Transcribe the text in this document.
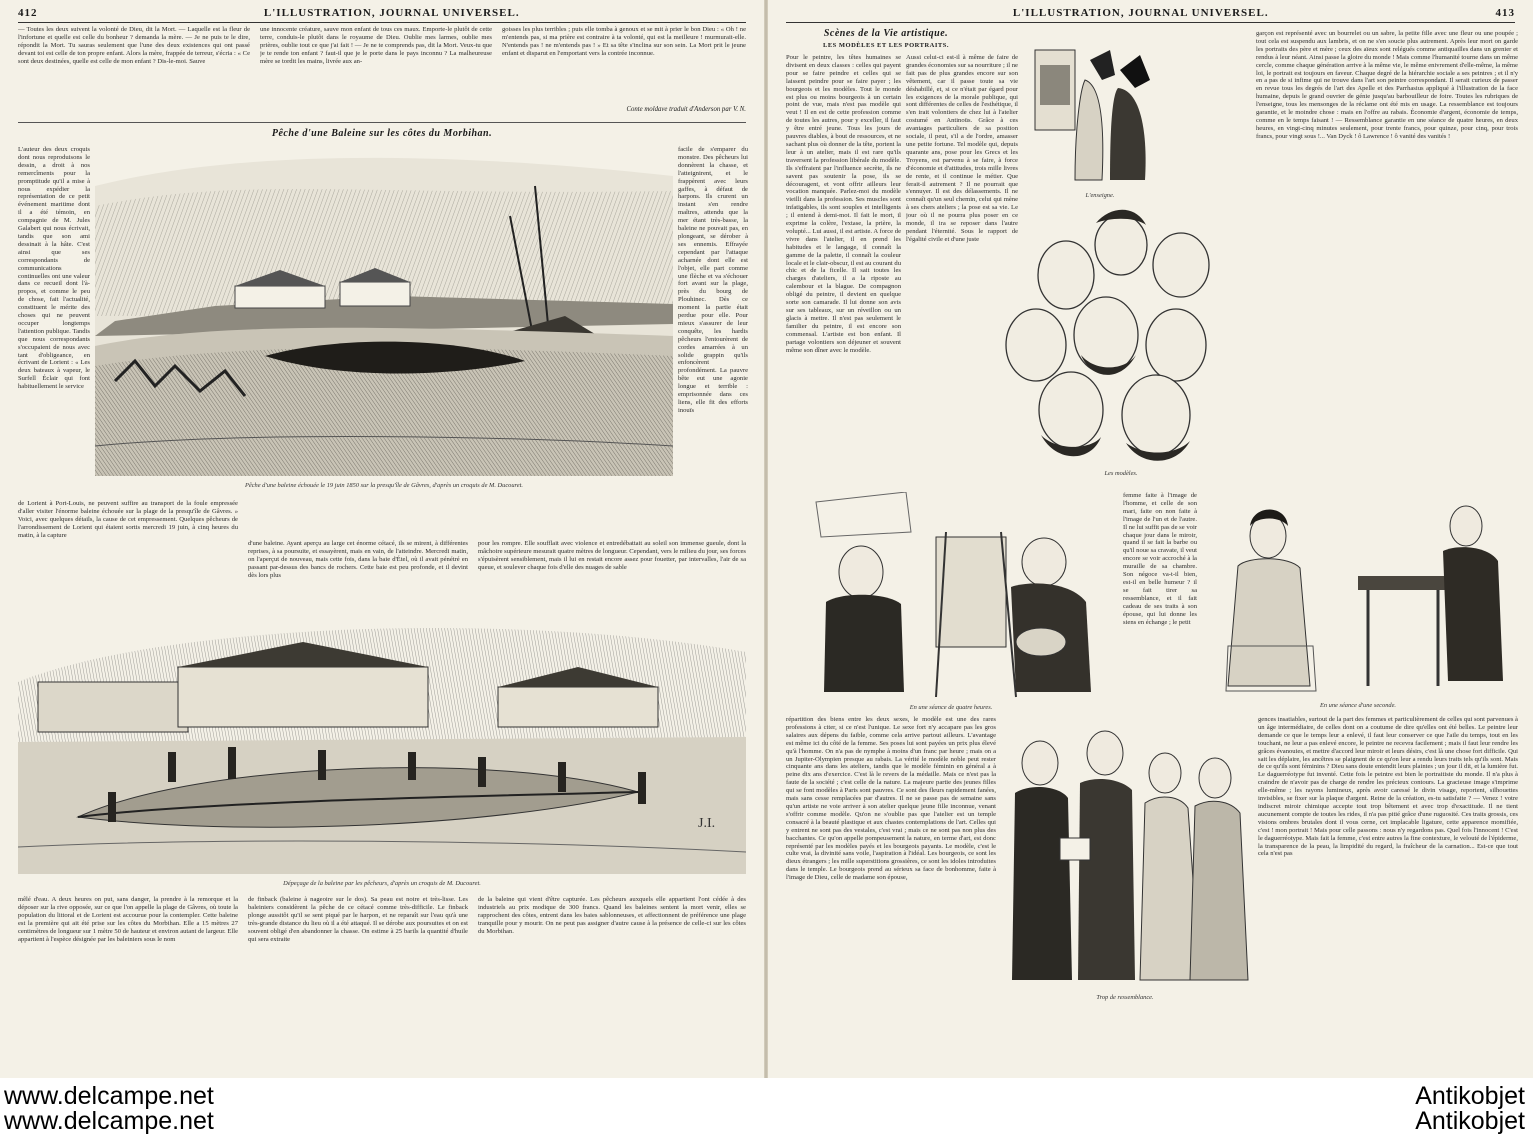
412	L'ILLUSTRATION, JOURNAL UNIVERSEL.
— Toutes les deux suivent la volonté de Dieu, dit la Mort. — Laquelle est la fleur de l'infortune et quelle est celle du bonheur ? demanda la mère. — Je ne puis te le dire, répondit la Mort. Tu sauras seulement que l'une des deux existences qui ont passé devant toi est celle de ton propre enfant. Alors la mère, frappée de terreur, s'écria : « Ce sont deux destinées, quelle est celle de mon enfant ? Dis-le-moi. Sauve
une innocente créature, sauve mon enfant de tous ces maux. Emporte-le plutôt de cette terre, conduis-le plutôt dans le royaume de Dieu. Oublie mes larmes, oublie mes prières, oublie tout ce que j'ai fait ! — Je ne te comprends pas, dit la Mort. Veux-tu que je te rende ton enfant ? faut-il que je le porte dans le pays inconnu ? La malheureuse mère se tordit les mains, livrée aux an-
goisses les plus terribles ; puis elle tomba à genoux et se mit à prier le bon Dieu : « Oh ! ne m'entends pas, si ma prière est contraire à ta volonté, qui est la meilleure ! murmurait-elle. N'entends pas ! ne m'entends pas ! » Et sa tête s'inclina sur son sein. La Mort prit le jeune enfant et disparut en l'emportant vers la contrée inconnue.
Conte moldave traduit d'Anderson par V. N.
Pêche d'une Baleine sur les côtes du Morbihan.
L'auteur des deux croquis dont nous reproduisons le dessin, a droit à nos remercîments pour la promptitude qu'il a mise à nous expédier la représentation de ce petit événement maritime dont il a été témoin, en compagnie de M. Jules Galabert qui nous écrivait, tandis que son ami dessinait à la hâte. C'est ainsi que ses correspondants de communications continuelles ont une valeur dans ce recueil dont l'à-propos, et comme le peu de chose, fait l'actualité, constituent le mérite des choses qui ne peuvent occuper longtemps l'attention publique. Tandis que nous correspondants s'occupaient de nous avec tant d'obligeance, en écrivant de Lorient : « Les deux bateaux à vapeur, le Surfell Éclair qui font habituellement le service
facile de s'emparer du monstre. Des pêcheurs lui donnèrent la chasse, et l'atteignirent, et le frappèrent avec leurs gaffes, à défaut de harpons. Ils crurent un instant s'en rendre maîtres, attendu que la mer étant très-basse, la baleine ne pouvait pas, en plongeant, se dérober à ses ennemis. Effrayée cependant par l'attaque acharnée dont elle est l'objet, elle part comme une flèche et va s'échouer fort avant sur la plage, près du bourg de Plouhinec. Dès ce moment la partie était perdue pour elle. Pour mieux s'assurer de leur conquête, les hardis pêcheurs l'entourèrent de cordes amarrées à un solide grappin qu'ils enfoncèrent profondément. La pauvre bête eut une agonie longue et terrible : emprisonnée dans ces liens, elle fit des efforts inouïs
Pêche d'une baleine échouée le 19 juin 1850 sur la presqu'île de Gâvres, d'après un croquis de M. Ducouret.
de Lorient à Port-Louis, ne peuvent suffire au transport de la foule empressée d'aller visiter l'énorme baleine échouée sur la plage de la presqu'île de Gâvres. » Voici, avec quelques détails, la cause de cet empressement. Quelques pêcheurs de l'arrondissement de Lorient qui étaient sortis mercredi 19 juin, à cinq heures du matin, à la capture
d'une baleine. Ayant aperçu au large cet énorme cétacé, ils se mirent, à différentes reprises, à sa poursuite, et essayèrent, mais en vain, de l'atteindre. Mercredi matin, on l'aperçut de nouveau, mais cette fois, dans la baie d'Étel, où il avait pénétré en passant par-dessus des bancs de rochers. Cette baie est peu profonde, et il devint dès lors plus
pour les rompre. Elle soufflait avec violence et entredébattait au soleil son immense gueule, dont la mâchoire supérieure mesurait quatre mètres de longueur. Cependant, vers le milieu du jour, ses forces s'épuisèrent sensiblement, mais il lui en restait encore assez pour fouetter, par intervalles, l'air de sa queue, et soulever chaque fois d'elle des nuages de sable
J.I.
Dépeçage de la baleine par les pêcheurs, d'après un croquis de M. Ducouret.
mêlé d'eau. A deux heures on put, sans danger, la prendre à la remorque et la déposer sur la rive opposée, sur ce que l'on appelle la plage de Gâvres, où toute la population du littoral et de Lorient est accourue pour la contempler. Cette baleine est la première qui ait été prise sur les côtes du Morbihan. Elle a 15 mètres 27 centimètres de longueur sur 1 mètre 50 de hauteur et environ autant de largeur. Elle appartient à l'espèce désignée par les baleiniers sous le nom
de finback (baleine à nageoire sur le dos). Sa peau est noire et très-lisse. Les baleiniers considèrent la pêche de ce cétacé comme très-difficile. Le finback plonge aussitôt qu'il se sent piqué par le harpon, et ne reparaît sur l'eau qu'à une très-grande distance du lieu où il a été attaqué. Il se dérobe aux poursuites et on est souvent obligé d'en abandonner la chasse. On estime à 25 barils la quantité d'huile qui sera extraite
de la baleine qui vient d'être capturée. Les pêcheurs auxquels elle appartient l'ont cédée à des industriels au prix modique de 300 francs. Quand les baleines sentent la mort venir, elles se rapprochent des côtes, entrent dans les baies sablonneuses, et affectionnent de préférence une plage tranquille pour y mourir. On ne peut pas assigner d'autre cause à la présence de celle-ci sur les côtes du Morbihan.
L'ILLUSTRATION, JOURNAL UNIVERSEL.	413
Scènes de la Vie artistique.
LES MODÈLES ET LES PORTRAITS.
Pour le peintre, les têtes humaines se divisent en deux classes : celles qui payent pour se faire peindre et celles qui se laissent peindre pour se faire payer ; les bourgeois et les modèles. Tout le monde est plus ou moins bourgeois à un certain point de vue, mais n'est pas modèle qui veut ! Il en est de cette profession comme de toutes les autres, pour y exceller, il faut y être entré jeune. Tous les jours de pauvres diables, à bout de ressources, et ne sachant plus où donner de la tête, portent la leur à un atelier, mais il est rare qu'ils traversent la profession libérale du modèle. Ils s'effraient par l'influence secrète, ils ne savent pas soutenir la pose, ils se découragent, et vont offrir ailleurs leur vocation manquée. Parlez-moi du modèle vieilli dans la profession. Ses muscles sont infatigables, ils sont souples et intelligents ; il entend à demi-mot. Il fait le mort, il exprime la colère, l'extase, la prière, la volupté... Lui aussi, il est artiste. A force de vivre dans l'atelier, il en prend les habitudes et le langage, il connaît la gamme de la palette, il connaît la couleur locale et le clair-obscur, il est au courant du chic et de la ficelle. Il sait toutes les charges d'ateliers, il a la riposte au calembour et la blague. De compagnon obligé du peintre, il devient en quelque sorte son camarade. Il lui donne son avis sur ses tableaux, sur un réveillon ou un glacis à mettre. Il n'est pas seulement le familier du peintre, il est encore son commensal. L'artiste est bon enfant. Il partage volontiers son déjeuner et souvent même son dîner avec le modèle.
Aussi celui-ci est-il à même de faire de grandes économies sur sa nourriture ; il ne fait pas de plus grandes encore sur son vêtement, car il passe toute sa vie déshabillé, et, si ce n'était par égard pour les exigences de la morale publique, qui sont différentes de celles de l'esthétique, il s'en irait volontiers de chez lui à l'atelier costumé en Antinoüs. Grâce à ces avantages particuliers de sa position sociale, il peut, s'il a de l'ordre, amasser une petite fortune. Tel modèle qui, depuis quarante ans, pose pour les Grecs et les Troyens, est parvenu à se faire, à force d'économie et d'attitudes, trois mille livres de rente, et il continue le métier. Que ferait-il autrement ? Il ne pourrait que s'ennuyer. Il est des délassements. Il ne connaît qu'un seul chemin, celui qui mène à ses chers ateliers ; la pose est sa vie. Le jour où il ne pourra plus poser en ce monde, il ira se reposer dans l'autre pendant l'éternité. Sous le rapport de l'égalité civile et d'une juste
L'enseigne.
Les modèles.
garçon est représenté avec un bourrelet ou un sabre, la petite fille avec une fleur ou une poupée ; tout cela est suspendu aux lambris, et on ne s'en soucie plus autrement. Après leur mort on garde les portraits des père et mère ; ceux des aïeux sont relégués comme antiquailles dans un grenier et rendus à leur néant. Ainsi passe la gloire du monde ! Mais comme l'humanité tourne dans un même cercle, comme chaque génération arrive à la même vie, le même enivrement d'elle-même, la même loi, le portrait est toujours en faveur. Chaque degré de la hiérarchie sociale a ses peintres ; et il n'y en a pas de si infime qui ne trouve dans l'art son peintre correspondant. Il serait curieux de passer en revue tous les degrés de l'art des Apelle et des Parrhasius appliqué à l'illustration de la face humaine, depuis le grand ouvrier de génie jusqu'au barbouilleur de foire. Toutes les rubriques de l'enseigne, tous les mensonges de la réclame ont été mis en usage. La ressemblance est toujours garantie, et le moindre chose : mais en l'offre au rabais. Économie d'argent, économie de temps, comme en le temps faisant ! — Ressemblance garantie en une séance de quatre heures, en deux heures, en vingt-cinq minutes seulement, pour trente francs, pour quinze, pour cinq, pour trois francs, pour vingt sous !... Van Dyck ! ô Lawrence ! ô vanité des vanités !
En une séance de quatre heures.
femme faite à l'image de l'homme, et celle de son mari, faite on non faite à l'image de l'un et de l'autre. Il ne lui suffit pas de se voir chaque jour dans le miroir, quand il se fait la barbe ou qu'il noue sa cravate, il veut encore se voir accroché à la muraille de sa chambre. Son négoce va-t-il bien, est-il en belle humeur ? il se fait tirer sa ressemblance, et il fait cadeau de ses traits à son épouse, qui lui donne les siens en échange ; le petit
En une séance d'une seconde.
répartition des biens entre les deux sexes, le modèle est une des rares professions à citer, si ce n'est l'unique. Le sexe fort n'y accapare pas les gros salaires aux dépens du faible, comme cela arrive partout ailleurs. L'avantage est même ici du côté de la femme. Ses poses lui sont payées un prix plus élevé qu'à l'homme. On n'a pas de nymphe à moins d'un franc par heure ; mais on a un Jupiter-Olympien presque au rabais. La vérité le modèle noble peut rester cinquante ans dans les ateliers, tandis que le modèle féminin en général a à peine dix ans d'exercice. C'est là le revers de la médaille. Mais ce n'est pas la faute de la société ; c'est celle de la nature. La majeure partie des jeunes filles qui se font modèles à Paris sont pauvres. Ce sont des fleurs rapidement fanées, mais sans cesse remplacées par d'autres. Il ne se passe pas de semaine sans qu'un artiste ne voie arriver à son atelier quelque jeune fille inconnue, venant s'offrir comme modèle. Qu'on ne s'oublie pas que l'atelier est un temple consacré à la beauté plastique et aux chastes contemplations de l'art. Celles qui y entrent ne sont pas des vestales, c'est vrai ; mais ce ne sont pas non plus des bacchantes. Ce qu'on appelle pompeusement la nature, en terme d'art, est donc représenté par les modèles payés et les bourgeois payants. Le modèle, c'est le culte vrai, la divinité sans voile, l'aspiration à l'idéal. Les bourgeois, ce sont les dieux étrangers ; les mille superstitions grossières, ce sont les idoles introduites dans le temple. Le bourgeois prend au sérieux sa face de bonhomme, faite à l'image de Dieu, celle de madame son épouse,
Trop de ressemblance.
gences insatiables, surtout de la part des femmes et particulièrement de celles qui sont parvenues à un âge intermédiaire, de celles dont on a coutume de dire qu'elles ont été belles. Le peintre leur demande ce que le temps leur a enlevé, il faut leur conserver ce que l'aile du temps, tout en les touchant, ne leur a pas enlevé encore, le peintre ne recevra facilement ; mais il faut leur rendre les grâces évanouies, et mettre d'accord leur miroir et leurs désirs, c'est là une chose fort difficile. Qui sait les déplaire, les ancêtres se plaignent de ce qu'on leur a rendu leurs traits tels qu'ils sont. Mais de ce qu'ils sont féminins ? Dieu sans doute entendit leurs plaintes ; un jour il dit, et la lumière fut. Le daguerréotype fut inventé. Cette fois le peintre est bien le portraitiste du monde. Il n'a plus à craindre de n'avoir pas de charge de rendre les précieux contours. La gracieuse image s'imprime elle-même ; les rayons lumineux, après avoir caressé le divin visage, reportent, silhouettes invisibles, se fixer sur la plaque d'argent. Reine de la création, es-tu satisfaite ? — Venez ! votre indiscret miroir chimique accepte tout trop bêtement et avec trop d'exactitude. Il ne tient aucunement compte de toutes les rides, il n'a pas pitié grâce d'une ruguosité. Ces traits grossis, ces visions ombres brutales dont il vous cerne, cet implacable ligature, cette apparence momifiée, c'est ! mon portrait ! Mais pour celle passons : nous n'y regardons pas. Quel fois l'innocent ! C'est le daguerréotype. Mais fait la femme, c'est entre autres la fine contexture, le velouté de l'épiderme, la transparence de la peau, la limpidité du regard, la fraîcheur de la carnation... Est-ce que tout cela n'est pas
www.delcampe.net	Antikobjet
www.delcampe.net	Antikobjet
